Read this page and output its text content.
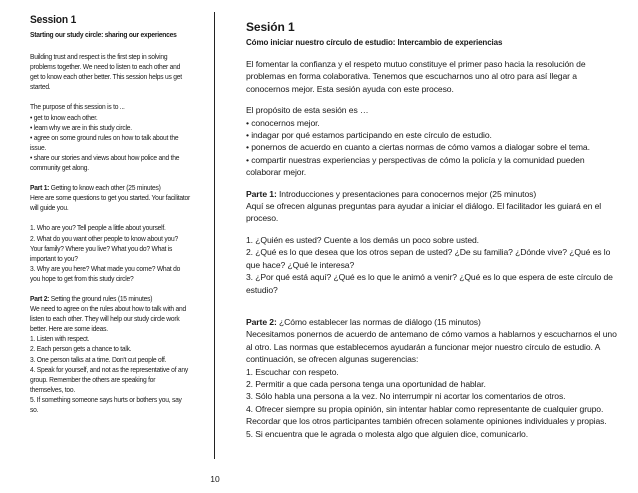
Session 1
Starting our study circle: sharing our experiences

Building trust and respect is the first step in solving problems together. We need to listen to each other and get to know each other better. This session helps us get started.

The purpose of this session is to ...
• get to know each other.
• learn why we are in this study circle.
• agree on some ground rules on how to talk about the issue.
• share our stories and views about how police and the community get along.
Part 1: Getting to know each other (25 minutes)

Here are some questions to get you started. Your facilitator will guide you.

1. Who are you? Tell people a little about yourself.
2. What do you want other people to know about you? Your family? Where you live? What you do? What is important to you?
3. Why are you here? What made you come? What do you hope to get from this study circle?
Part 2: Setting the ground rules (15 minutes)
We need to agree on the rules about how to talk with and listen to each other. They will help our study circle work better. Here are some ideas.
1. Listen with respect.
2. Each person gets a chance to talk.
3. One person talks at a time. Don't cut people off.
4. Speak for yourself, and not as the representative of any group. Remember the others are speaking for themselves, too.
5. If something someone says hurts or bothers you, say so.
10
Sesión 1
Cómo iniciar nuestro círculo de estudio: Intercambio de experiencias

El fomentar la confianza y el respeto mutuo constituye el primer paso hacia la resolución de problemas en forma colaborativa. Tenemos que escucharnos uno al otro para así llegar a conocernos mejor. Esta sesión ayuda con este proceso.

El propósito de esta sesión es …
• conocernos mejor.
• indagar por qué estamos participando en este círculo de estudio.
• ponernos de acuerdo en cuanto a ciertas normas de cómo vamos a dialogar sobre el tema.
• compartir nuestras experiencias y perspectivas de cómo la policía y la comunidad pueden colaborar mejor.
Parte 1: Introducciones y presentaciones para conocernos mejor (25 minutos)

Aquí se ofrecen algunas preguntas para ayudar a iniciar el diálogo. El facilitador les guiará en el proceso.

1. ¿Quién es usted? Cuente a los demás un poco sobre usted.
2. ¿Qué es lo que desea que los otros sepan de usted? ¿De su familia? ¿Dónde vive? ¿Qué es lo que hace? ¿Qué le interesa?
3. ¿Por qué está aquí? ¿Qué es lo que le animó a venir? ¿Qué es lo que espera de este círculo de estudio?
Parte 2: ¿Cómo establecer las normas de diálogo (15 minutos)
Necesitamos ponernos de acuerdo de antemano de cómo vamos a hablarnos y escucharnos el uno al otro. Las normas que establecemos ayudarán a funcionar mejor nuestro círculo de estudio. A continuación, se ofrecen algunas sugerencias:
1. Escuchar con respeto.
2. Permitir a que cada persona tenga una oportunidad de hablar.
3. Sólo habla una persona a la vez. No interrumpir ni acortar los comentarios de otros.
4. Ofrecer siempre su propia opinión, sin intentar hablar como representante de cualquier grupo. Recordar que los otros participantes también ofrecen solamente opiniones individuales y propias.
5. Si encuentra que le agrada o molesta algo que alguien dice, comunicarlo.
